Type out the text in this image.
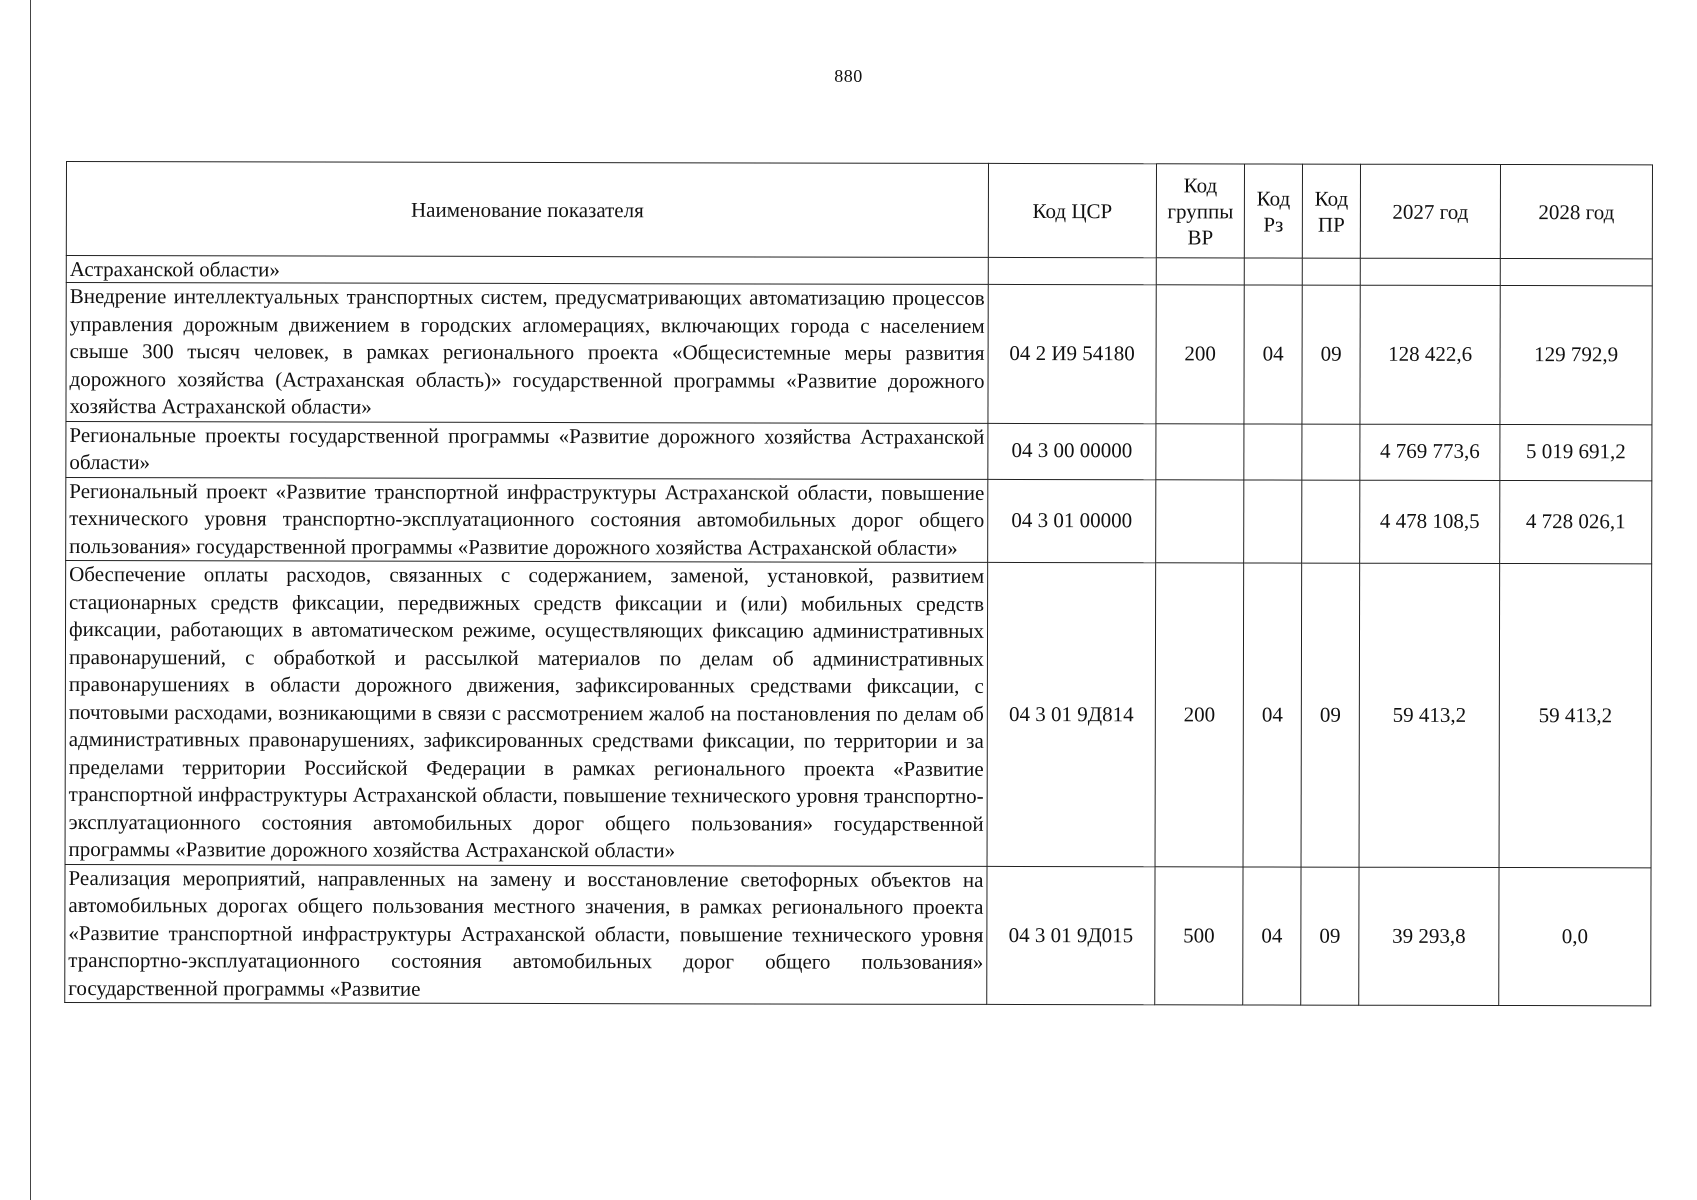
880
Наименование показателя	Код ЦСР	Код группы ВР	Код Рз	Код ПР	2027 год	2028 год
Астраханской области»						
Внедрение интеллектуальных транспортных систем, предусматривающих автоматизацию процессов управления дорожным движением в городских агломерациях, включающих города с населением свыше 300 тысяч человек, в рамках регионального проекта «Общесистемные меры развития дорожного хозяйства (Астраханская область)» государственной программы «Развитие дорожного хозяйства Астраханской области»	04 2 И9 54180	200	04	09	128 422,6	129 792,9
Региональные проекты государственной программы «Развитие дорожного хозяйства Астраханской области»	04 3 00 00000				4 769 773,6	5 019 691,2
Региональный проект «Развитие транспортной инфраструктуры Астраханской области, повышение технического уровня транспортно-эксплуатационного состояния автомобильных дорог общего пользования» государственной программы «Развитие дорожного хозяйства Астраханской области»	04 3 01 00000				4 478 108,5	4 728 026,1
Обеспечение оплаты расходов, связанных с содержанием, заменой, установкой, развитием стационарных средств фиксации, передвижных средств фиксации и (или) мобильных средств фиксации, работающих в автоматическом режиме, осуществляющих фиксацию административных правонарушений, с обработкой и рассылкой материалов по делам об административных правонарушениях в области дорожного движения, зафиксированных средствами фиксации, с почтовыми расходами, возникающими в связи с рассмотрением жалоб на постановления по делам об административных правонарушениях, зафиксированных средствами фиксации, по территории и за пределами территории Российской Федерации в рамках регионального проекта «Развитие транспортной инфраструктуры Астраханской области, повышение технического уровня транспортно-эксплуатационного состояния автомобильных дорог общего пользования» государственной программы «Развитие дорожного хозяйства Астраханской области»	04 3 01 9Д814	200	04	09	59 413,2	59 413,2
Реализация мероприятий, направленных на замену и восстановление светофорных объектов на автомобильных дорогах общего пользования местного значения, в рамках регионального проекта «Развитие транспортной инфраструктуры Астраханской области, повышение технического уровня транспортно-эксплуатационного состояния автомобильных дорог общего пользования» государственной программы «Развитие	04 3 01 9Д015	500	04	09	39 293,8	0,0
